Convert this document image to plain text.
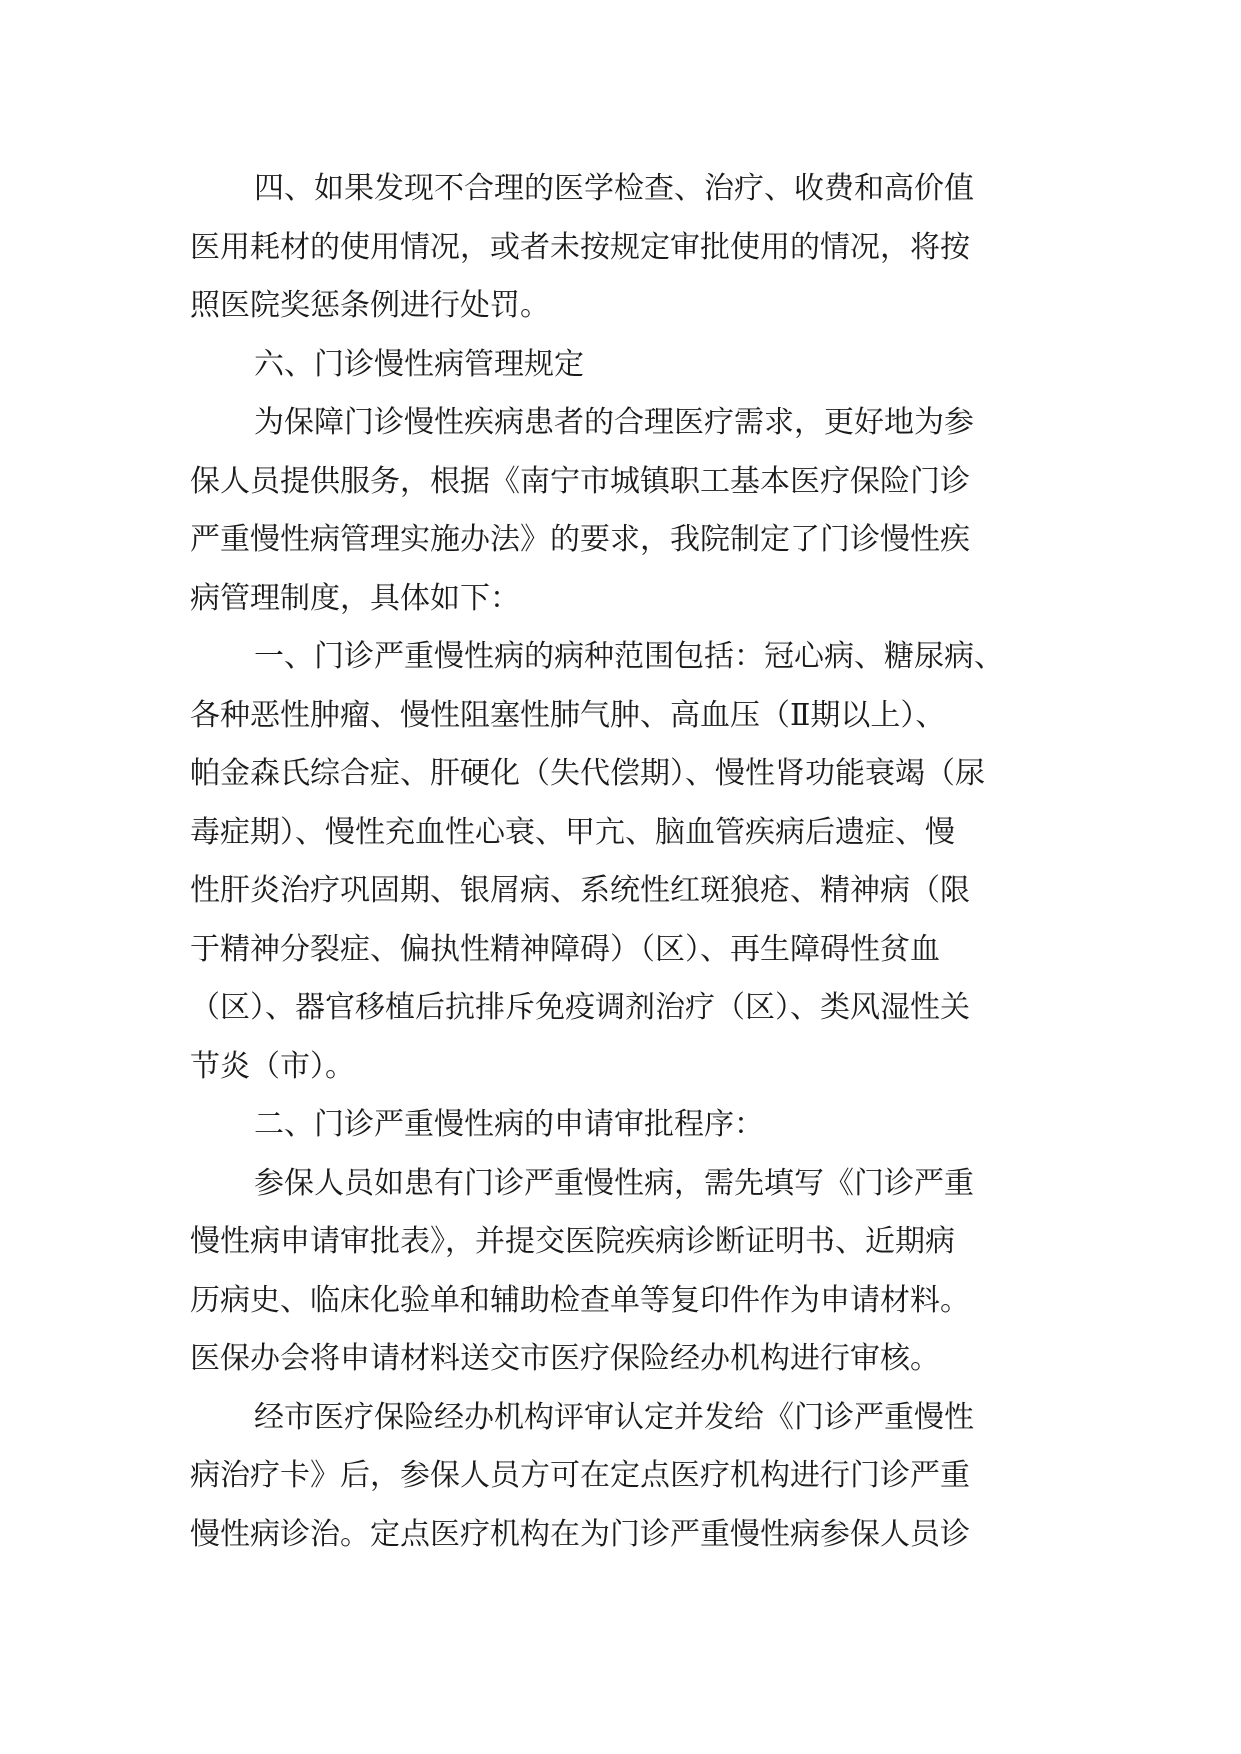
四、如果发现不合理的医学检查、治疗、收费和高价值
医用耗材的使用情况，或者未按规定审批使用的情况，将按
照医院奖惩条例进行处罚。
六、门诊慢性病管理规定
为保障门诊慢性疾病患者的合理医疗需求，更好地为参
保人员提供服务，根据《南宁市城镇职工基本医疗保险门诊
严重慢性病管理实施办法》的要求，我院制定了门诊慢性疾
病管理制度，具体如下：
一、门诊严重慢性病的病种范围包括：冠心病、糖尿病、
各种恶性肿瘤、慢性阻塞性肺气肿、高血压（Ⅱ期以上）、
帕金森氏综合症、肝硬化（失代偿期）、慢性肾功能衰竭（尿
毒症期）、慢性充血性心衰、甲亢、脑血管疾病后遗症、慢
性肝炎治疗巩固期、银屑病、系统性红斑狼疮、精神病（限
于精神分裂症、偏执性精神障碍）（区）、再生障碍性贫血
（区）、器官移植后抗排斥免疫调剂治疗（区）、类风湿性关
节炎（市）。
二、门诊严重慢性病的申请审批程序：
参保人员如患有门诊严重慢性病，需先填写《门诊严重
慢性病申请审批表》，并提交医院疾病诊断证明书、近期病
历病史、临床化验单和辅助检查单等复印件作为申请材料。
医保办会将申请材料送交市医疗保险经办机构进行审核。
经市医疗保险经办机构评审认定并发给《门诊严重慢性
病治疗卡》后，参保人员方可在定点医疗机构进行门诊严重
慢性病诊治。定点医疗机构在为门诊严重慢性病参保人员诊
